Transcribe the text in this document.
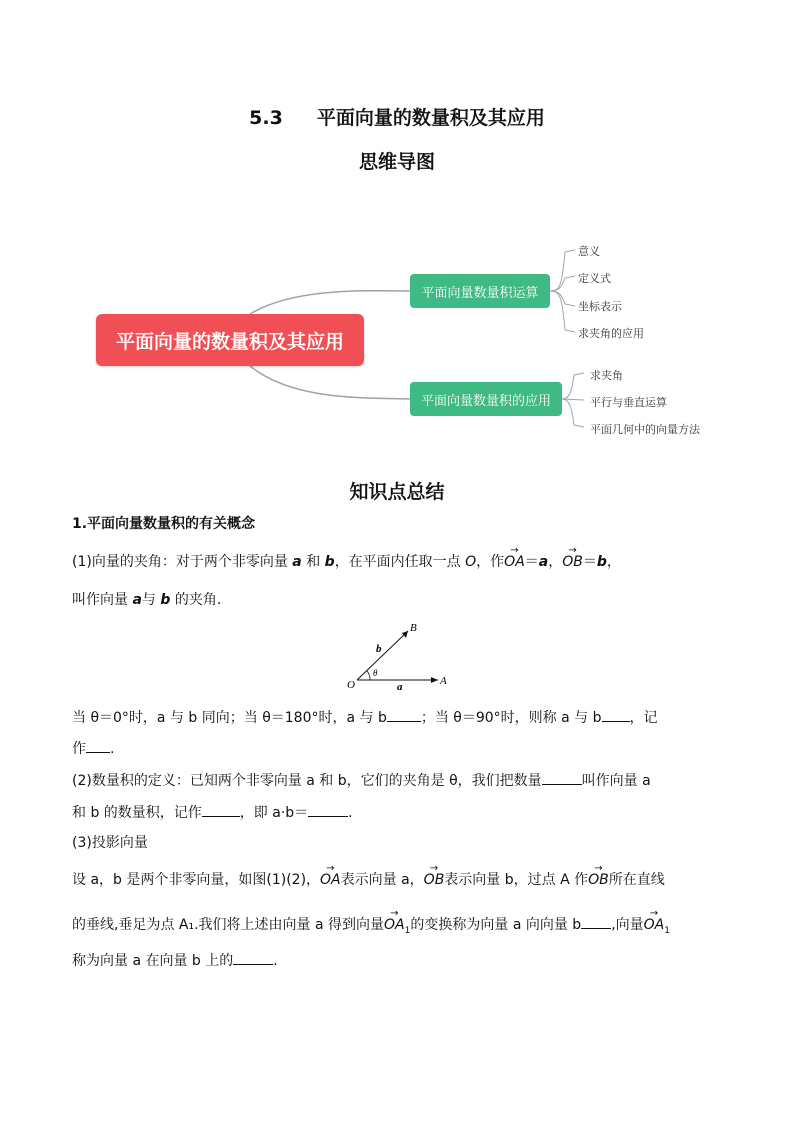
5.3 平面向量的数量积及其应用
思维导图
平面向量的数量积及其应用
平面向量数量积运算
平面向量数量积的应用
意义
定义式
坐标表示
求夹角的应用
求夹角
平行与垂直运算
平面几何中的向量方法
知识点总结
1.平面向量数量积的有关概念
(1)向量的夹角：对于两个非零向量 a 和 b，在平面内任取一点 O，作→ OA＝a，→ OB＝b，
叫作向量 a与 b 的夹角.
O	A
B
a
b
θ
当 θ＝0°时，a 与 b 同向；当 θ＝180°时，a 与 b ；当 θ＝90°时，则称 a 与 b ，记
作 .
(2)数量积的定义：已知两个非零向量 a 和 b，它们的夹角是 θ，我们把数量	叫作向量 a
和 b 的数量积，记作	，即 a·b＝	.
(3)投影向量
设 a，b 是两个非零向量，如图(1)(2)，→ OA表示向量 a，→ OB表示向量 b，过点 A 作→ OB所在直线
的垂线,垂足为点 A₁.我们将上述由向量 a 得到向量→ $OA_1$的变换称为向量 a 向向量 b ,向量→ $OA_1$
称为向量 a 在向量 b 上的	.
